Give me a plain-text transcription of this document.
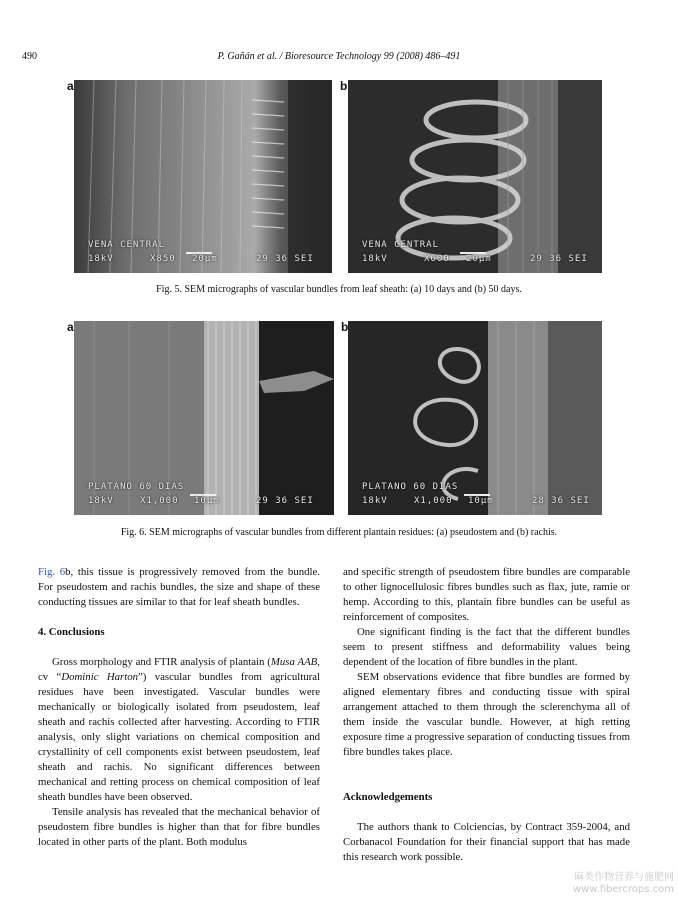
490	P. Gañán et al. / Bioresource Technology 99 (2008) 486–491
a
VENA CENTRAL
18kV	X850 20µm	29 36 SEI
b
VENA CENTRAL
18kV	X600 20µm	29 36 SEI
Fig. 5. SEM micrographs of vascular bundles from leaf sheath: (a) 10 days and (b) 50 days.
a
PLATANO 60 DIAS
18kV	X1,000 10µm	29 36 SEI
b
PLATANO 60 DIAS
18kV	X1,000 10µm	28 36 SEI
Fig. 6. SEM micrographs of vascular bundles from different plantain residues: (a) pseudostem and (b) rachis.

Fig. 6b, this tissue is progressively removed from the bundle. For pseudostem and rachis bundles, the size and shape of these conducting tissues are similar to that for leaf sheath bundles.

4. Conclusions

Gross morphology and FTIR analysis of plantain (Musa AAB, cv “Dominic Harton”) vascular bundles from agricultural residues have been investigated. Vascular bundles were mechanically or biologically isolated from pseudostem, leaf sheath and rachis collected after harvesting. According to FTIR analysis, only slight variations on chemical composition and crystallinity of cell components exist between pseudostem, leaf sheath and rachis. No significant differences between mechanical and retting process on chemical composition of leaf sheath bundles have been observed.

Tensile analysis has revealed that the mechanical behavior of pseudostem fibre bundles is higher than that for fibre bundles located in other parts of the plant. Both modulus

and specific strength of pseudostem fibre bundles are comparable to other lignocellulosic fibres bundles such as flax, jute, ramie or hemp. According to this, plantain fibre bundles can be useful as reinforcement of composites.

One significant finding is the fact that the different bundles seem to present stiffness and deformability values being dependent of the location of fibre bundles in the plant.

SEM observations evidence that fibre bundles are formed by aligned elementary fibres and conducting tissue with spiral arrangement attached to them through the sclerenchyma all of them inside the vascular bundle. However, at high retting exposure time a progressive separation of conducting tissues from fibre bundles takes place.

Acknowledgements

The authors thank to Colciencias, by Contract 359-2004, and Corbanacol Foundation for their financial support that has made this research work possible.

麻类作物营养与施肥网
www.fibercrops.com
